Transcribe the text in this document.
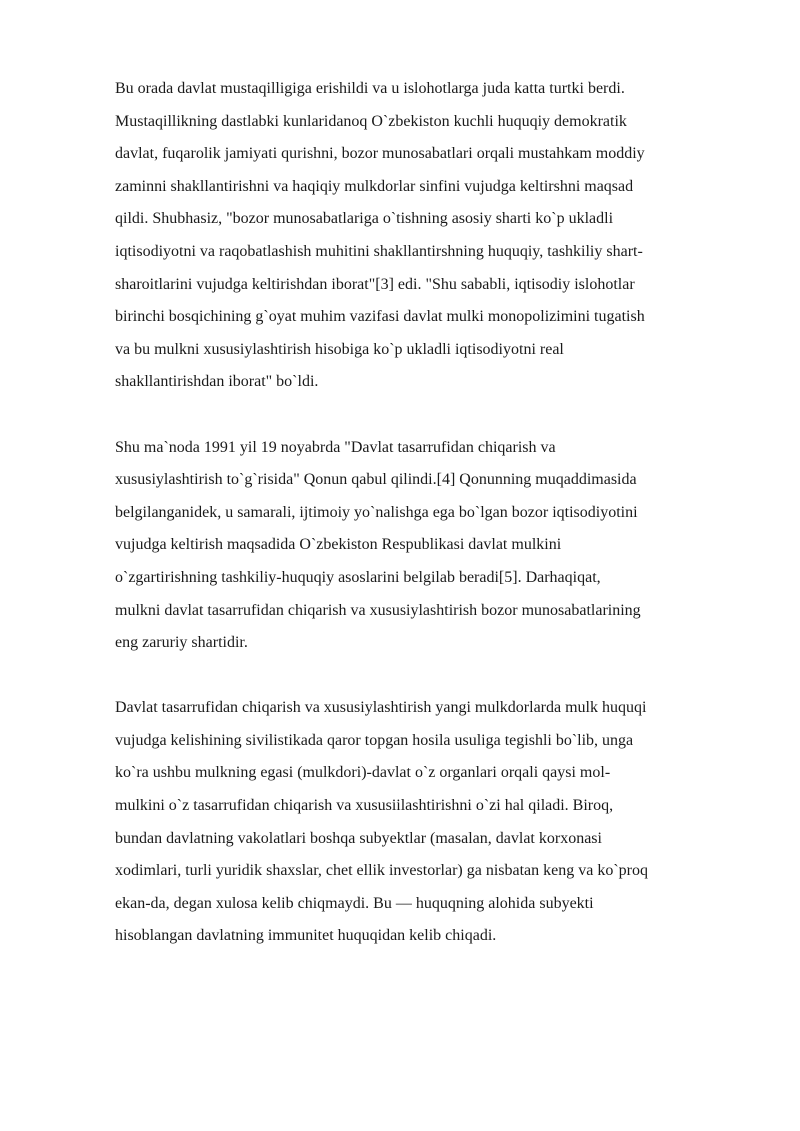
Bu orada davlat mustaqilligiga erishildi va u islohotlarga juda katta turtki berdi.
Mustaqillikning dastlabki kunlaridanoq O`zbekiston kuchli huquqiy demokratik
davlat, fuqarolik jamiyati qurishni, bozor munosabatlari orqali mustahkam moddiy
zaminni shakllantirishni va haqiqiy mulkdorlar sinfini vujudga keltirshni maqsad
qildi. Shubhasiz, "bozor munosabatlariga o`tishning asosiy sharti ko`p ukladli
iqtisodiyotni va raqobatlashish muhitini shakllantirshning huquqiy, tashkiliy shart-
sharoitlarini vujudga keltirishdan iborat"[3] edi. "Shu sababli, iqtisodiy islohotlar
birinchi bosqichining g`oyat muhim vazifasi davlat mulki monopolizimini tugatish
va bu mulkni xususiylashtirish hisobiga ko`p ukladli iqtisodiyotni real
shakllantirishdan iborat" bo`ldi.

Shu ma`noda 1991 yil 19 noyabrda "Davlat tasarrufidan chiqarish va
xususiylashtirish to`g`risida" Qonun qabul qilindi.[4] Qonunning muqaddimasida
belgilanganidek, u samarali, ijtimoiy yo`nalishga ega bo`lgan bozor iqtisodiyotini
vujudga keltirish maqsadida O`zbekiston Respublikasi davlat mulkini
o`zgartirishning tashkiliy-huquqiy asoslarini belgilab beradi[5]. Darhaqiqat,
mulkni davlat tasarrufidan chiqarish va xususiylashtirish bozor munosabatlarining
eng zaruriy shartidir.

Davlat tasarrufidan chiqarish va xususiylashtirish yangi mulkdorlarda mulk huquqi
vujudga kelishining sivilistikada qaror topgan hosila usuliga tegishli bo`lib, unga
ko`ra ushbu mulkning egasi (mulkdori)-davlat o`z organlari orqali qaysi mol-
mulkini o`z tasarrufidan chiqarish va xususiilashtirishni o`zi hal qiladi. Biroq,
bundan davlatning vakolatlari boshqa subyektlar (masalan, davlat korxonasi
xodimlari, turli yuridik shaxslar, chet ellik investorlar) ga nisbatan keng va ko`proq
ekan-da, degan xulosa kelib chiqmaydi. Bu — huquqning alohida subyekti
hisoblangan davlatning immunitet huquqidan kelib chiqadi.
